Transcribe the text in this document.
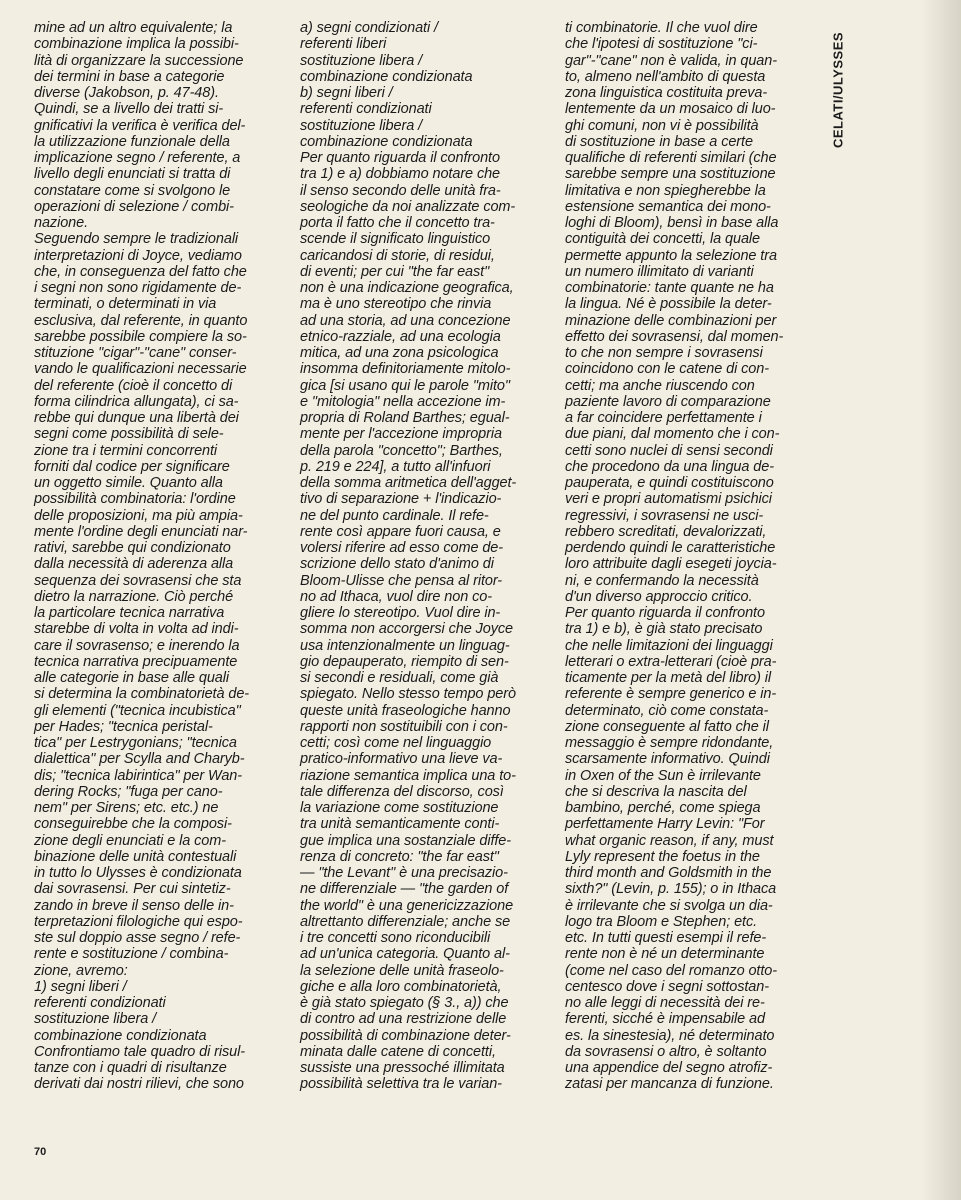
mine ad un altro equivalente; la
combinazione implica la possibi-
lità di organizzare la successione
dei termini in base a categorie
diverse (Jakobson, p. 47-48).
Quindi, se a livello dei tratti si-
gnificativi la verifica è verifica del-
la utilizzazione funzionale della
implicazione segno / referente, a
livello degli enunciati si tratta di
constatare come si svolgono le
operazioni di selezione / combi-
nazione.
Seguendo sempre le tradizionali
interpretazioni di Joyce, vediamo
che, in conseguenza del fatto che
i segni non sono rigidamente de-
terminati, o determinati in via
esclusiva, dal referente, in quanto
sarebbe possibile compiere la so-
stituzione "cigar"-"cane" conser-
vando le qualificazioni necessarie
del referente (cioè il concetto di
forma cilindrica allungata), ci sa-
rebbe qui dunque una libertà dei
segni come possibilità di sele-
zione tra i termini concorrenti
forniti dal codice per significare
un oggetto simile. Quanto alla
possibilità combinatoria: l'ordine
delle proposizioni, ma più ampia-
mente l'ordine degli enunciati nar-
rativi, sarebbe qui condizionato
dalla necessità di aderenza alla
sequenza dei sovrasensi che sta
dietro la narrazione. Ciò perché
la particolare tecnica narrativa
starebbe di volta in volta ad indi-
care il sovrasenso; e inerendo la
tecnica narrativa precipuamente
alle categorie in base alle quali
si determina la combinatorietà de-
gli elementi ("tecnica incubistica"
per Hades; "tecnica peristal-
tica" per Lestrygonians; "tecnica
dialettica" per Scylla and Charyb-
dis; "tecnica labirintica" per Wan-
dering Rocks; "fuga per cano-
nem" per Sirens; etc. etc.) ne
conseguirebbe che la composi-
zione degli enunciati e la com-
binazione delle unità contestuali
in tutto lo Ulysses è condizionata
dai sovrasensi. Per cui sintetiz-
zando in breve il senso delle in-
terpretazioni filologiche qui espo-
ste sul doppio asse segno / refe-
rente e sostituzione / combina-
zione, avremo:
1) segni liberi /
referenti condizionati
sostituzione libera /
combinazione condizionata
Confrontiamo tale quadro di risul-
tanze con i quadri di risultanze
derivati dai nostri rilievi, che sono
a) segni condizionati /
referenti liberi
sostituzione libera /
combinazione condizionata
b) segni liberi /
referenti condizionati
sostituzione libera /
combinazione condizionata
Per quanto riguarda il confronto
tra 1) e a) dobbiamo notare che
il senso secondo delle unità fra-
seologiche da noi analizzate com-
porta il fatto che il concetto tra-
scende il significato linguistico
caricandosi di storie, di residui,
di eventi; per cui "the far east"
non è una indicazione geografica,
ma è uno stereotipo che rinvia
ad una storia, ad una concezione
etnico-razziale, ad una ecologia
mitica, ad una zona psicologica
insomma definitoriamente mitolo-
gica [si usano qui le parole "mito"
e "mitologia" nella accezione im-
propria di Roland Barthes; egual-
mente per l'accezione impropria
della parola "concetto"; Barthes,
p. 219 e 224], a tutto all'infuori
della somma aritmetica dell'agget-
tivo di separazione + l'indicazio-
ne del punto cardinale. Il refe-
rente così appare fuori causa, e
volersi riferire ad esso come de-
scrizione dello stato d'animo di
Bloom-Ulisse che pensa al ritor-
no ad Ithaca, vuol dire non co-
gliere lo stereotipo. Vuol dire in-
somma non accorgersi che Joyce
usa intenzionalmente un linguag-
gio depauperato, riempito di sen-
si secondi e residuali, come già
spiegato. Nello stesso tempo però
queste unità fraseologiche hanno
rapporti non sostituibili con i con-
cetti; così come nel linguaggio
pratico-informativo una lieve va-
riazione semantica implica una to-
tale differenza del discorso, così
la variazione come sostituzione
tra unità semanticamente conti-
gue implica una sostanziale diffe-
renza di concreto: "the far east"
— "the Levant" è una precisazio-
ne differenziale — "the garden of
the world" è una genericizzazione
altrettanto differenziale; anche se
i tre concetti sono riconducibili
ad un'unica categoria. Quanto al-
la selezione delle unità fraseolo-
giche e alla loro combinatorietà,
è già stato spiegato (§ 3., a)) che
di contro ad una restrizione delle
possibilità di combinazione deter-
minata dalle catene di concetti,
sussiste una pressoché illimitata
possibilità selettiva tra le varian-
ti combinatorie. Il che vuol dire
che l'ipotesi di sostituzione "ci-
gar"-"cane" non è valida, in quan-
to, almeno nell'ambito di questa
zona linguistica costituita preva-
lentemente da un mosaico di luo-
ghi comuni, non vi è possibilità
di sostituzione in base a certe
qualifiche di referenti similari (che
sarebbe sempre una sostituzione
limitativa e non spiegherebbe la
estensione semantica dei mono-
loghi di Bloom), bensì in base alla
contiguità dei concetti, la quale
permette appunto la selezione tra
un numero illimitato di varianti
combinatorie: tante quante ne ha
la lingua. Né è possibile la deter-
minazione delle combinazioni per
effetto dei sovrasensi, dal momen-
to che non sempre i sovrasensi
coincidono con le catene di con-
cetti; ma anche riuscendo con
paziente lavoro di comparazione
a far coincidere perfettamente i
due piani, dal momento che i con-
cetti sono nuclei di sensi secondi
che procedono da una lingua de-
pauperata, e quindi costituiscono
veri e propri automatismi psichici
regressivi, i sovrasensi ne usci-
rebbero screditati, devalorizzati,
perdendo quindi le caratteristiche
loro attribuite dagli esegeti joycia-
ni, e confermando la necessità
d'un diverso approccio critico.
Per quanto riguarda il confronto
tra 1) e b), è già stato precisato
che nelle limitazioni dei linguaggi
letterari o extra-letterari (cioè pra-
ticamente per la metà del libro) il
referente è sempre generico e in-
determinato, ciò come constata-
zione conseguente al fatto che il
messaggio è sempre ridondante,
scarsamente informativo. Quindi
in Oxen of the Sun è irrilevante
che si descriva la nascita del
bambino, perché, come spiega
perfettamente Harry Levin: "For
what organic reason, if any, must
Lyly represent the foetus in the
third month and Goldsmith in the
sixth?" (Levin, p. 155); o in Ithaca
è irrilevante che si svolga un dia-
logo tra Bloom e Stephen; etc.
etc. In tutti questi esempi il refe-
rente non è né un determinante
(come nel caso del romanzo otto-
centesco dove i segni sottostan-
no alle leggi di necessità dei re-
ferenti, sicché è impensabile ad
es. la sinestesia), né determinato
da sovrasensi o altro, è soltanto
una appendice del segno atrofiz-
zatasi per mancanza di funzione.
CELATI/ULYSSES
70
